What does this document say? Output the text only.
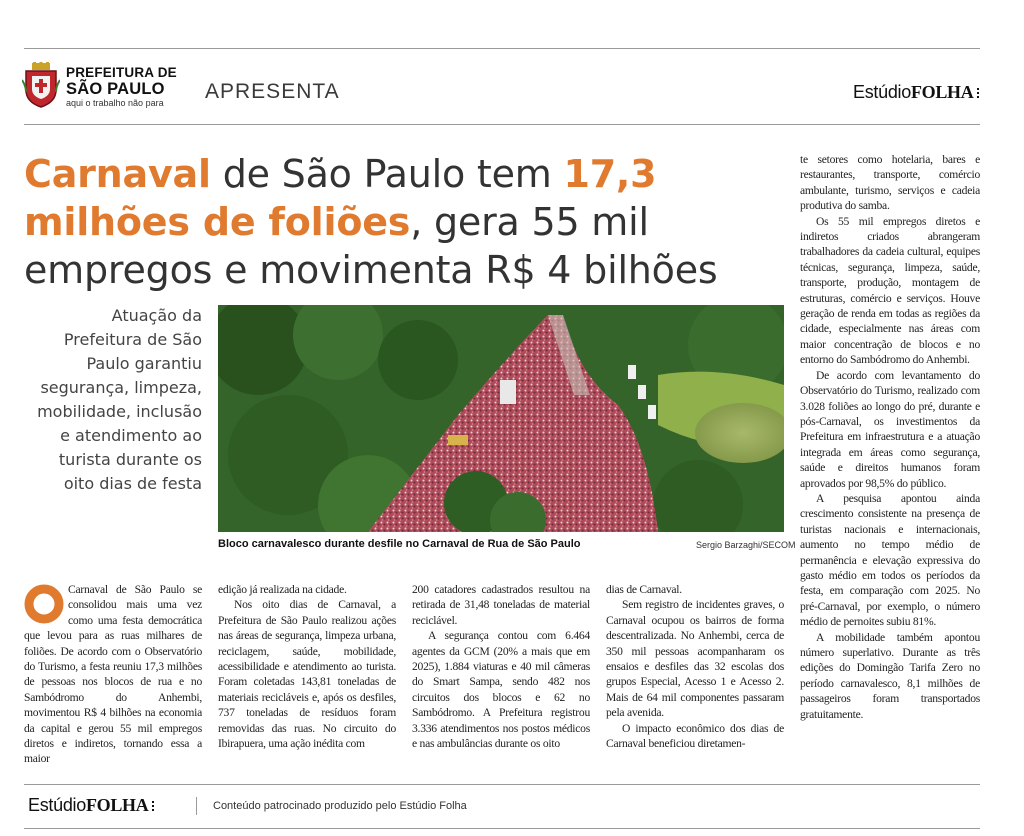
PREFEITURA DE
SÃO PAULO
aqui o trabalho não para	APRESENTA	Estúdio FOLHA
Carnaval de São Paulo tem 17,3 milhões de foliões, gera 55 mil empregos e movimenta R$ 4 bilhões
Atuação da Prefeitura de São Paulo garantiu segurança, limpeza, mobilidade, inclusão e atendimento ao turista durante os oito dias de festa
Bloco carnavalesco durante desfile no Carnaval de Rua de São Paulo	Sergio Barzaghi/SECOM

Carnaval de São Paulo se consolidou mais uma vez como uma festa democrática que levou para as ruas milhares de foliões. De acordo com o Observatório do Turismo, a festa reuniu 17,3 milhões de pessoas nos blocos de rua e no Sambódromo do Anhembi, movimentou R$ 4 bilhões na economia da capital e gerou 55 mil empregos diretos e indiretos, tornando essa a maior

edição já realizada na cidade.

Nos oito dias de Carnaval, a Prefeitura de São Paulo realizou ações nas áreas de segurança, limpeza urbana, reciclagem, saúde, mobilidade, acessibilidade e atendimento ao turista. Foram coletadas 143,81 toneladas de materiais recicláveis e, após os desfiles, 737 toneladas de resíduos foram removidas das ruas. No circuito do Ibirapuera, uma ação inédita com

200 catadores cadastrados resultou na retirada de 31,48 toneladas de material reciclável.

A segurança contou com 6.464 agentes da GCM (20% a mais que em 2025), 1.884 viaturas e 40 mil câmeras do Smart Sampa, sendo 482 nos circuitos dos blocos e 62 no Sambódromo. A Prefeitura registrou 3.336 atendimentos nos postos médicos e nas ambulâncias durante os oito

dias de Carnaval.

Sem registro de incidentes graves, o Carnaval ocupou os bairros de forma descentralizada. No Anhembi, cerca de 350 mil pessoas acompanharam os ensaios e desfiles das 32 escolas dos grupos Especial, Acesso 1 e Acesso 2. Mais de 64 mil componentes passaram pela avenida.

O impacto econômico dos dias de Carnaval beneficiou diretamen-

te setores como hotelaria, bares e restaurantes, transporte, comércio ambulante, turismo, serviços e cadeia produtiva do samba.

Os 55 mil empregos diretos e indiretos criados abrangeram trabalhadores da cadeia cultural, equipes técnicas, segurança, limpeza, saúde, transporte, produção, montagem de estruturas, comércio e serviços. Houve geração de renda em todas as regiões da cidade, especialmente nas áreas com maior concentração de blocos e no entorno do Sambódromo do Anhembi.

De acordo com levantamento do Observatório do Turismo, realizado com 3.028 foliões ao longo do pré, durante e pós-Carnaval, os investimentos da Prefeitura em infraestrutura e a atuação integrada em áreas como segurança, saúde e direitos humanos foram aprovados por 98,5% do público.

A pesquisa apontou ainda crescimento consistente na presença de turistas nacionais e internacionais, aumento no tempo médio de permanência e elevação expressiva do gasto médio em todos os períodos da festa, em comparação com 2025. No pré-Carnaval, por exemplo, o número médio de pernoites subiu 81%.

A mobilidade também apontou número superlativo. Durante as três edições do Domingão Tarifa Zero no período carnavalesco, 8,1 milhões de passageiros foram transportados gratuitamente.

Estúdio FOLHA	Conteúdo patrocinado produzido pelo Estúdio Folha
